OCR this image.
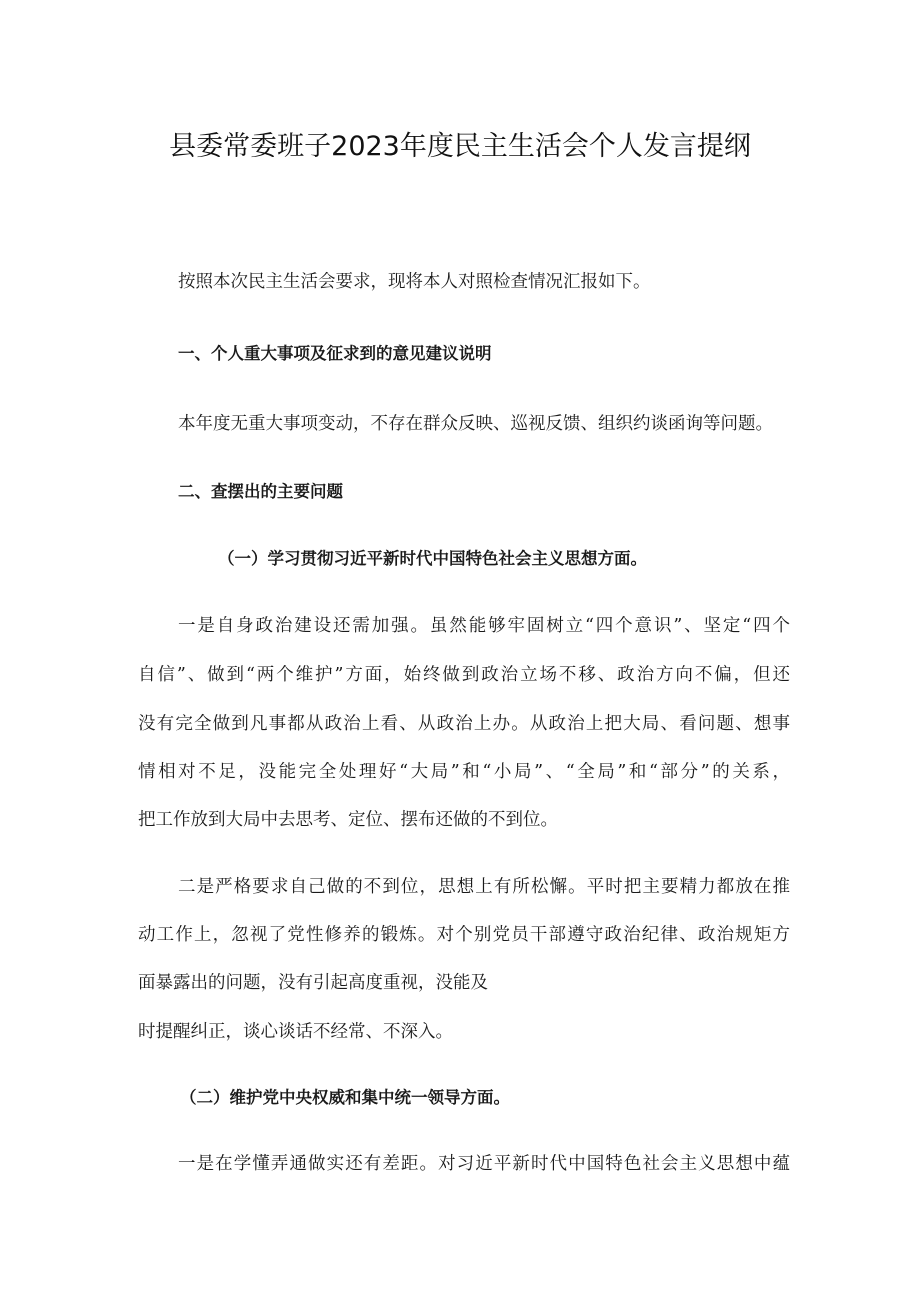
县委常委班子2023年度民主生活会个人发言提纲

按照本次民主生活会要求，现将本人对照检查情况汇报如下。

一、个人重大事项及征求到的意见建议说明

本年度无重大事项变动，不存在群众反映、巡视反馈、组织约谈函询等问题。

二、查摆出的主要问题

（一）学习贯彻习近平新时代中国特色社会主义思想方面。

一是自身政治建设还需加强。虽然能够牢固树立“四个意识”、坚定“四个

自信”、做到“两个维护”方面，始终做到政治立场不移、政治方向不偏，但还

没有完全做到凡事都从政治上看、从政治上办。从政治上把大局、看问题、想事

情相对不足，没能完全处理好“大局”和“小局”、“全局”和“部分”的关系，

把工作放到大局中去思考、定位、摆布还做的不到位。

二是严格要求自己做的不到位，思想上有所松懈。平时把主要精力都放在推

动工作上，忽视了党性修养的锻炼。对个别党员干部遵守政治纪律、政治规矩方

面暴露出的问题，没有引起高度重视，没能及

时提醒纠正，谈心谈话不经常、不深入。

（二）维护党中央权威和集中统一领导方面。

一是在学懂弄通做实还有差距。对习近平新时代中国特色社会主义思想中蕴
